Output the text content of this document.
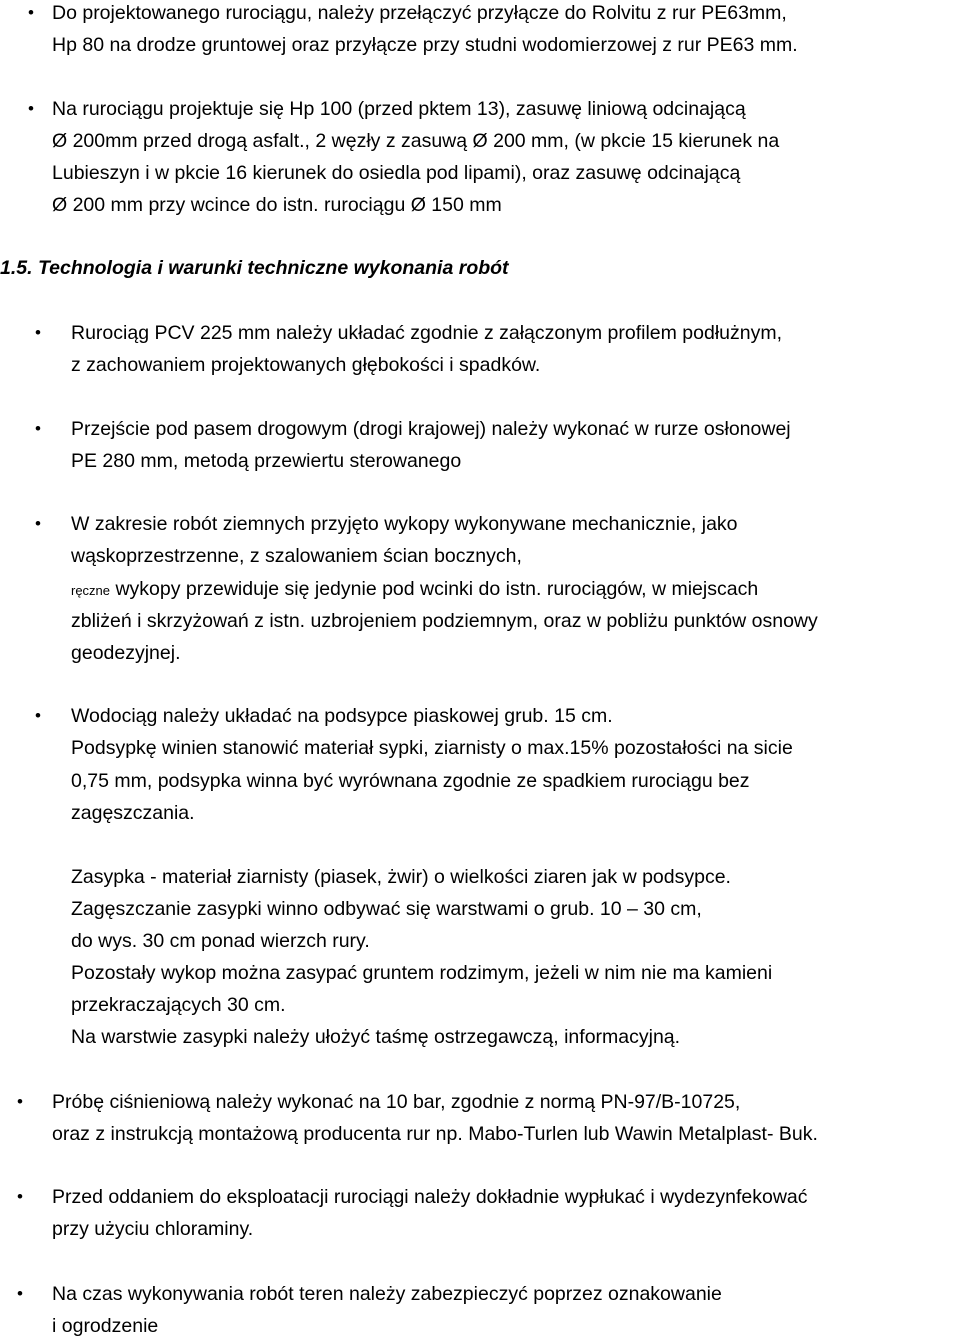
• Do projektowanego rurociągu, należy przełączyć przyłącze do Rolvitu z rur PE63mm,
Hp 80 na drodze gruntowej oraz przyłącze przy studni wodomierzowej z rur PE63 mm.
• Na rurociągu projektuje się Hp 100 (przed pktem 13), zasuwę liniową odcinającą
Ø 200mm przed drogą asfalt., 2 węzły z zasuwą Ø 200 mm, (w pkcie 15 kierunek na
Lubieszyn i w pkcie 16 kierunek do osiedla pod lipami), oraz zasuwę odcinającą
Ø 200 mm przy wcince do istn. rurociągu Ø 150 mm
1.5. Technologia i warunki techniczne wykonania robót
• Rurociąg PCV 225 mm należy układać zgodnie z załączonym profilem podłużnym,
z zachowaniem projektowanych głębokości i spadków.
• Przejście pod pasem drogowym (drogi krajowej) należy wykonać w rurze osłonowej
PE 280 mm, metodą przewiertu sterowanego
• W zakresie robót ziemnych przyjęto wykopy wykonywane mechanicznie, jako
wąskoprzestrzenne, z szalowaniem ścian bocznych,
ręczne wykopy przewiduje się jedynie pod wcinki do istn. rurociągów, w miejscach
zbliżeń i skrzyżowań z istn. uzbrojeniem podziemnym, oraz w pobliżu punktów osnowy
geodezyjnej.
• Wodociąg należy układać na podsypce piaskowej grub. 15 cm.
Podsypkę winien stanowić materiał sypki, ziarnisty o max.15% pozostałości na sicie
0,75 mm, podsypka winna być wyrównana zgodnie ze spadkiem rurociągu bez
zagęszczania.
Zasypka - materiał ziarnisty (piasek, żwir) o wielkości ziaren jak w podsypce.
Zagęszczanie zasypki winno odbywać się warstwami o grub. 10 – 30 cm,
do wys. 30 cm ponad wierzch rury.
Pozostały wykop można zasypać gruntem rodzimym, jeżeli w nim nie ma kamieni
przekraczających 30 cm.
Na warstwie zasypki należy ułożyć taśmę ostrzegawczą, informacyjną.
• Próbę ciśnieniową należy wykonać na 10 bar, zgodnie z normą PN-97/B-10725,
oraz z instrukcją montażową producenta rur np. Mabo-Turlen lub Wawin Metalplast- Buk.
• Przed oddaniem do eksploatacji rurociągi należy dokładnie wypłukać i wydezynfekować
przy użyciu chloraminy.
• Na czas wykonywania robót teren należy zabezpieczyć poprzez oznakowanie
i ogrodzenie
